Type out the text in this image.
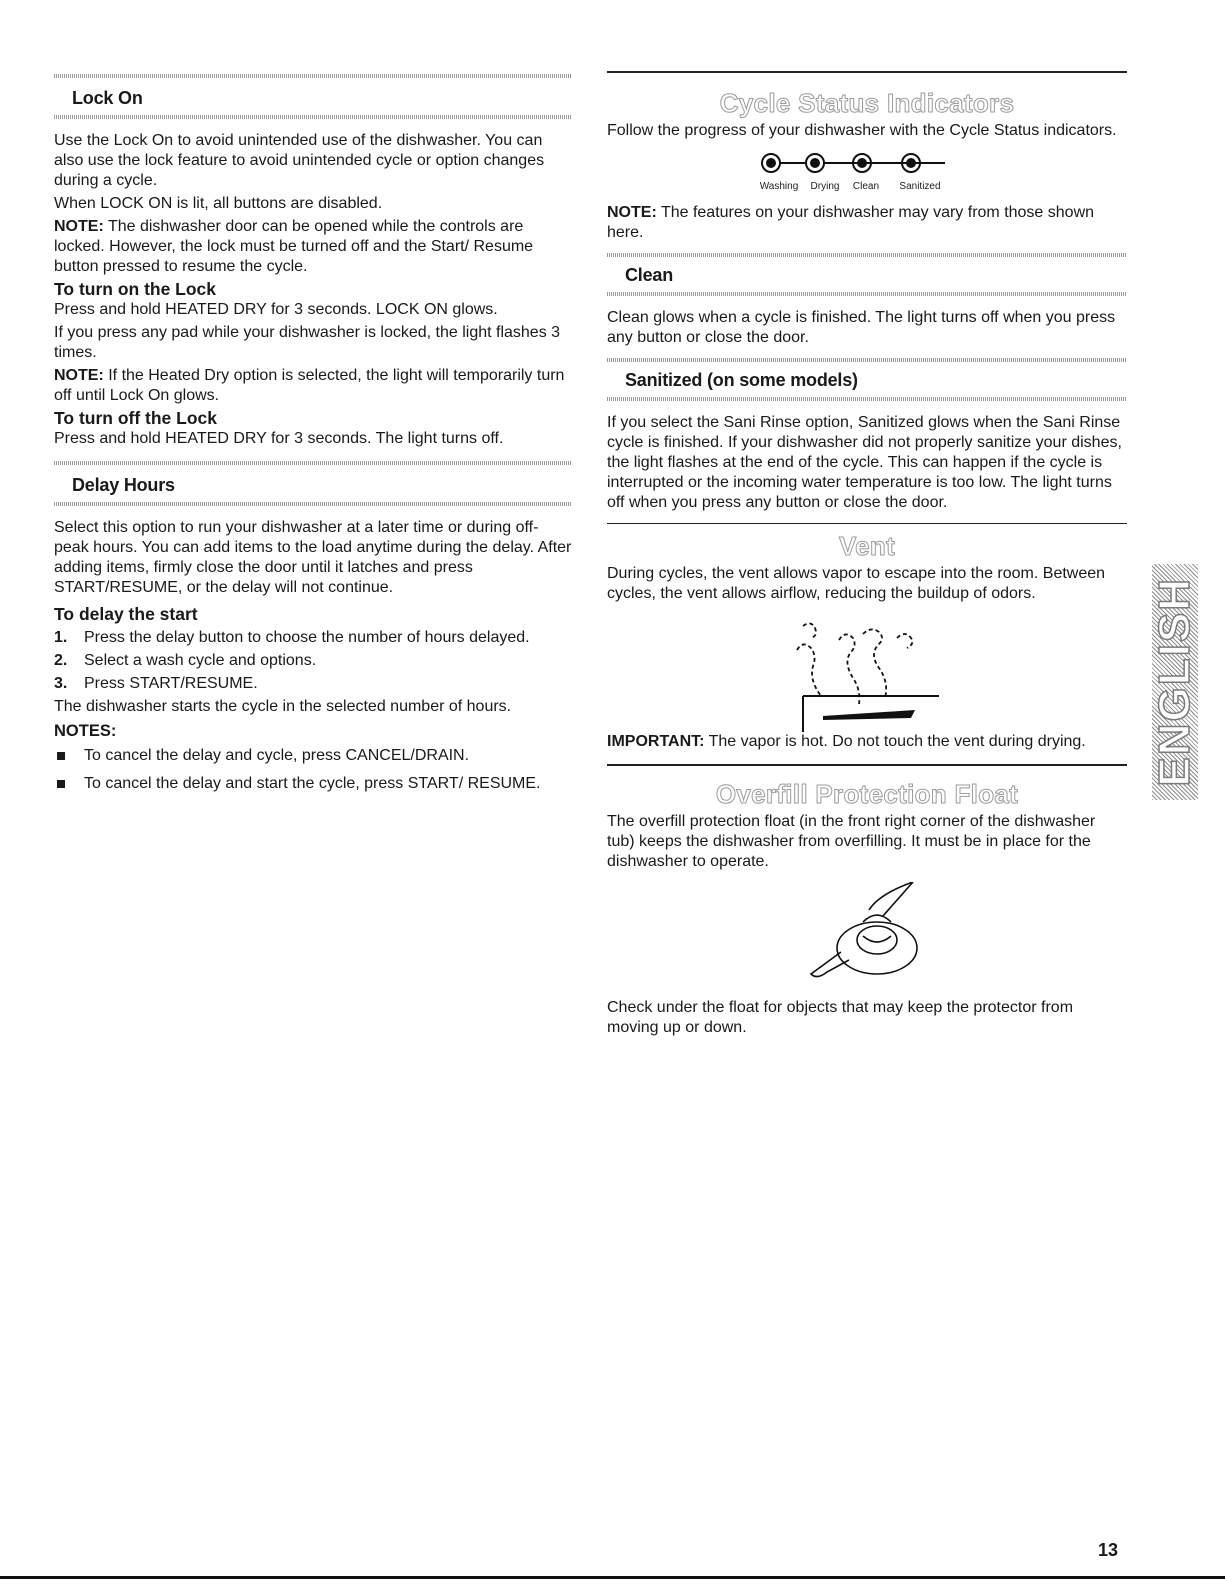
Lock On

Use the Lock On to avoid unintended use of the dishwasher. You can also use the lock feature to avoid unintended cycle or option changes during a cycle.

When LOCK ON is lit, all buttons are disabled.

NOTE: The dishwasher door can be opened while the controls are locked. However, the lock must be turned off and the Start/ Resume button pressed to resume the cycle.

To turn on the Lock

Press and hold HEATED DRY for 3 seconds. LOCK ON glows.

If you press any pad while your dishwasher is locked, the light flashes 3 times.

NOTE: If the Heated Dry option is selected, the light will temporarily turn off until Lock On glows.

To turn off the Lock

Press and hold HEATED DRY for 3 seconds. The light turns off.

Delay Hours

Select this option to run your dishwasher at a later time or during off-peak hours. You can add items to the load anytime during the delay. After adding items, firmly close the door until it latches and press START/RESUME, or the delay will not continue.

To delay the start
1. Press the delay button to choose the number of hours delayed.
2. Select a wash cycle and options.
3. Press START/RESUME.

The dishwasher starts the cycle in the selected number of hours.

NOTES:
To cancel the delay and cycle, press CANCEL/DRAIN.
To cancel the delay and start the cycle, press START/ RESUME.
Cycle Status Indicators

Follow the progress of your dishwasher with the Cycle Status indicators.

Washing Drying Clean Sanitized

NOTE: The features on your dishwasher may vary from those shown here.

Clean

Clean glows when a cycle is finished. The light turns off when you press any button or close the door.

Sanitized (on some models)

If you select the Sani Rinse option, Sanitized glows when the Sani Rinse cycle is finished. If your dishwasher did not properly sanitize your dishes, the light flashes at the end of the cycle. This can happen if the cycle is interrupted or the incoming water temperature is too low. The light turns off when you press any button or close the door.

Vent

During cycles, the vent allows vapor to escape into the room. Between cycles, the vent allows airflow, reducing the buildup of odors.

IMPORTANT: The vapor is hot. Do not touch the vent during drying.

Overfill Protection Float

The overfill protection float (in the front right corner of the dishwasher tub) keeps the dishwasher from overfilling. It must be in place for the dishwasher to operate.

Check under the float for objects that may keep the protector from moving up or down.

ENGLISH
13
